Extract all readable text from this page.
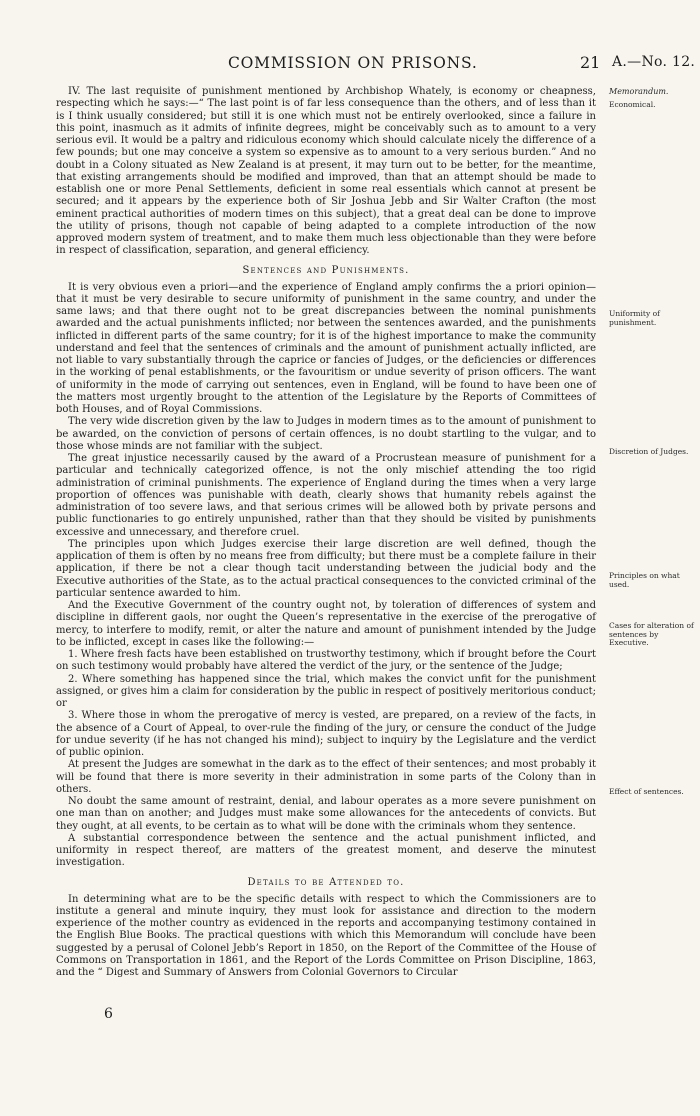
COMMISSION ON PRISONS.	21 A.—No. 12.

IV. The last requisite of punishment mentioned by Archbishop Whately, is economy or cheapness, respecting which he says:—“ The last point is of far less consequence than the others, and of less than it is I think usually considered; but still it is one which must not be entirely overlooked, since a failure in this point, inasmuch as it admits of infinite degrees, might be conceivably such as to amount to a very serious evil. It would be a paltry and ridiculous economy which should calculate nicely the difference of a few pounds; but one may conceive a system so expensive as to amount to a very serious burden.” And no doubt in a Colony situated as New Zealand is at present, it may turn out to be better, for the meantime, that existing arrangements should be modified and improved, than that an attempt should be made to establish one or more Penal Settlements, deficient in some real essentials which cannot at present be secured; and it appears by the experience both of Sir Joshua Jebb and Sir Walter Crafton (the most eminent practical authorities of modern times on this subject), that a great deal can be done to improve the utility of prisons, though not capable of being adapted to a complete introduction of the now approved modern system of treatment, and to make them much less objectionable than they were before in respect of classification, separation, and general efficiency.

Sentences and Punishments.

It is very obvious even a priori—and the experience of England amply confirms the a priori opinion—that it must be very desirable to secure uniformity of punishment in the same country, and under the same laws; and that there ought not to be great discrepancies between the nominal punishments awarded and the actual punishments inflicted; nor between the sentences awarded, and the punishments inflicted in different parts of the same country; for it is of the highest importance to make the community understand and feel that the sentences of criminals and the amount of punishment actually inflicted, are not liable to vary substantially through the caprice or fancies of Judges, or the deficiencies or differences in the working of penal establishments, or the favouritism or undue severity of prison officers. The want of uniformity in the mode of carrying out sentences, even in England, will be found to have been one of the matters most urgently brought to the attention of the Legislature by the Reports of Committees of both Houses, and of Royal Commissions.

The very wide discretion given by the law to Judges in modern times as to the amount of punishment to be awarded, on the conviction of persons of certain offences, is no doubt startling to the vulgar, and to those whose minds are not familiar with the subject.

The great injustice necessarily caused by the award of a Procrustean measure of punishment for a particular and technically categorized offence, is not the only mischief attending the too rigid administration of criminal punishments. The experience of England during the times when a very large proportion of offences was punishable with death, clearly shows that humanity rebels against the administration of too severe laws, and that serious crimes will be allowed both by private persons and public functionaries to go entirely unpunished, rather than that they should be visited by punishments excessive and unnecessary, and therefore cruel.

The principles upon which Judges exercise their large discretion are well defined, though the application of them is often by no means free from difficulty; but there must be a complete failure in their application, if there be not a clear though tacit understanding between the judicial body and the Executive authorities of the State, as to the actual practical consequences to the convicted criminal of the particular sentence awarded to him.

And the Executive Government of the country ought not, by toleration of differences of system and discipline in different gaols, nor ought the Queen’s representative in the exercise of the prerogative of mercy, to interfere to modify, remit, or alter the nature and amount of punishment intended by the Judge to be inflicted, except in cases like the following:—

1. Where fresh facts have been established on trustworthy testimony, which if brought before the Court on such testimony would probably have altered the verdict of the jury, or the sentence of the Judge;

2. Where something has happened since the trial, which makes the convict unfit for the punishment assigned, or gives him a claim for consideration by the public in respect of positively meritorious conduct; or

3. Where those in whom the prerogative of mercy is vested, are prepared, on a review of the facts, in the absence of a Court of Appeal, to over-rule the finding of the jury, or censure the conduct of the Judge for undue severity (if he has not changed his mind); subject to inquiry by the Legislature and the verdict of public opinion.

At present the Judges are somewhat in the dark as to the effect of their sentences; and most probably it will be found that there is more severity in their administration in some parts of the Colony than in others.

No doubt the same amount of restraint, denial, and labour operates as a more severe punishment on one man than on another; and Judges must make some allowances for the antecedents of convicts. But they ought, at all events, to be certain as to what will be done with the criminals whom they sentence.

A substantial correspondence between the sentence and the actual punishment inflicted, and uniformity in respect thereof, are matters of the greatest moment, and deserve the minutest investigation.

Details to be Attended to.

In determining what are to be the specific details with respect to which the Commissioners are to institute a general and minute inquiry, they must look for assistance and direction to the modern experience of the mother country as evidenced in the reports and accompanying testimony contained in the English Blue Books. The practical questions with which this Memorandum will conclude have been suggested by a perusal of Colonel Jebb’s Report in 1850, on the Report of the Committee of the House of Commons on Transportation in 1861, and the Report of the Lords Committee on Prison Discipline, 1863, and the “ Digest and Summary of Answers from Colonial Governors to Circular

Memorandum.
Economical.
Uniformity of punishment.
Discretion of Judges.
Principles on what used.
Cases for alteration of sentences by Executive.
Effect of sentences.
6
